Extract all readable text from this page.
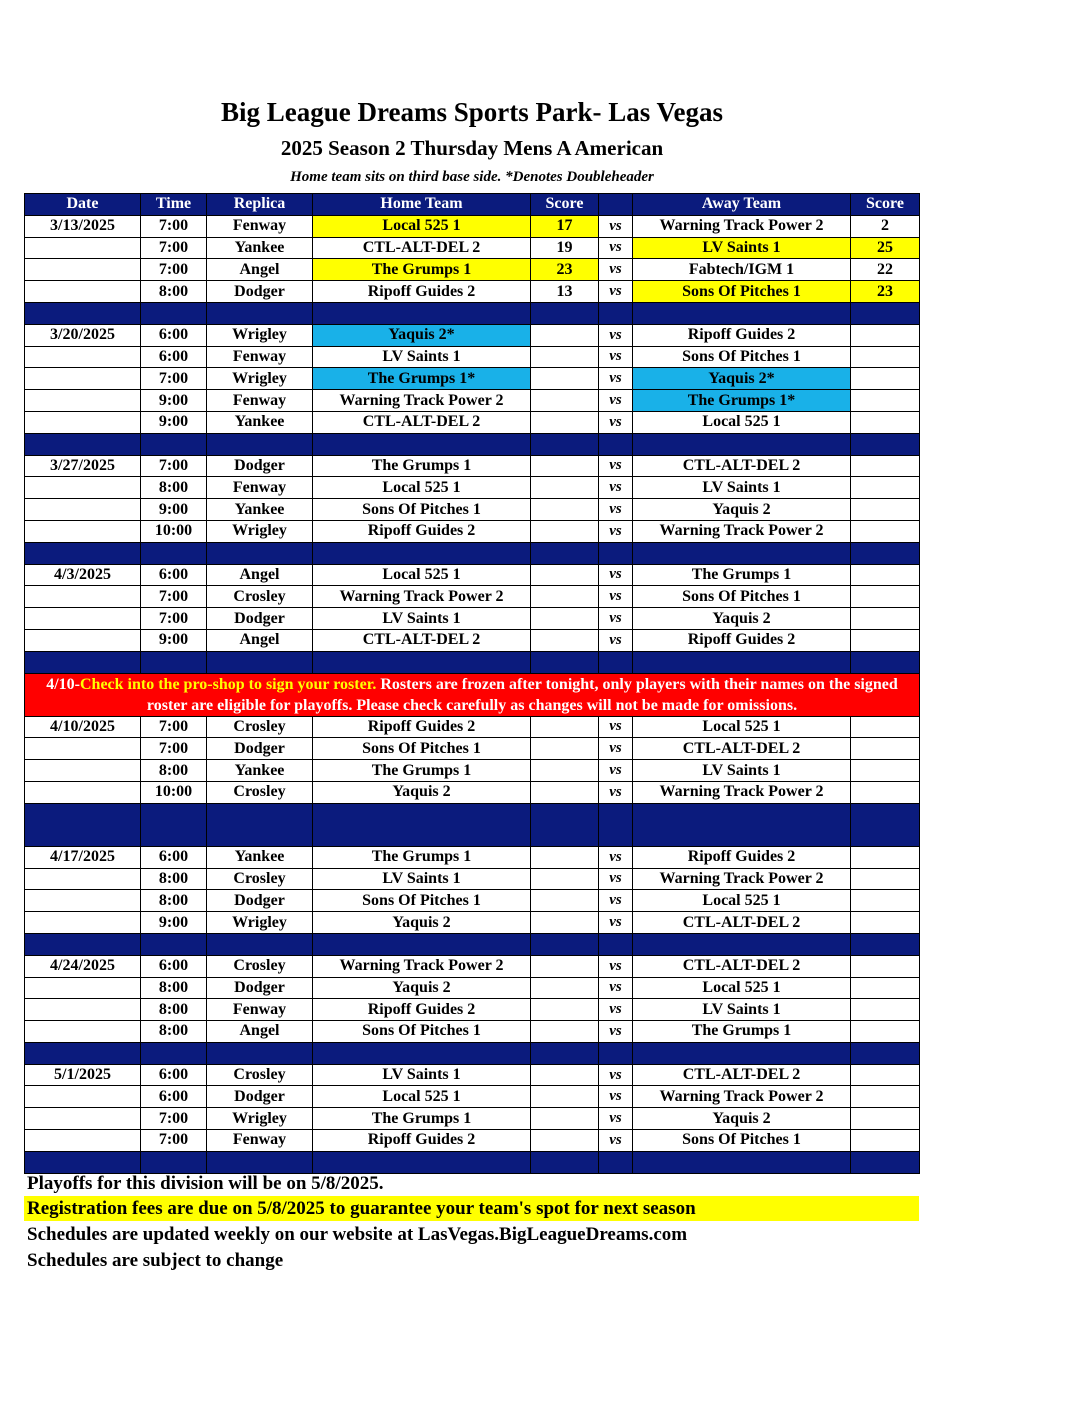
Big League Dreams Sports Park- Las Vegas
2025 Season 2 Thursday Mens A American
Home team sits on third base side. *Denotes Doubleheader
Date	Time	Replica	Home Team	Score		Away Team	Score
3/13/2025	7:00	Fenway	Local 525 1	17	vs	Warning Track Power 2	2
	7:00	Yankee	CTL-ALT-DEL 2	19	vs	LV Saints 1	25
	7:00	Angel	The Grumps 1	23	vs	Fabtech/IGM 1	22
	8:00	Dodger	Ripoff Guides 2	13	vs	Sons Of Pitches 1	23

3/20/2025	6:00	Wrigley	Yaquis 2*		vs	Ripoff Guides 2	
	6:00	Fenway	LV Saints 1		vs	Sons Of Pitches 1	
	7:00	Wrigley	The Grumps 1*		vs	Yaquis 2*	
	9:00	Fenway	Warning Track Power 2		vs	The Grumps 1*	
	9:00	Yankee	CTL-ALT-DEL 2		vs	Local 525 1	

3/27/2025	7:00	Dodger	The Grumps 1		vs	CTL-ALT-DEL 2	
	8:00	Fenway	Local 525 1		vs	LV Saints 1	
	9:00	Yankee	Sons Of Pitches 1		vs	Yaquis 2	
	10:00	Wrigley	Ripoff Guides 2		vs	Warning Track Power 2	

4/3/2025	6:00	Angel	Local 525 1		vs	The Grumps 1	
	7:00	Crosley	Warning Track Power 2		vs	Sons Of Pitches 1	
	7:00	Dodger	LV Saints 1		vs	Yaquis 2	
	9:00	Angel	CTL-ALT-DEL 2		vs	Ripoff Guides 2	

4/10-Check into the pro-shop to sign your roster. Rosters are frozen after tonight, only players with their names on the signed roster are eligible for playoffs. Please check carefully as changes will not be made for omissions.							
4/10/2025	7:00	Crosley	Ripoff Guides 2		vs	Local 525 1	
	7:00	Dodger	Sons Of Pitches 1		vs	CTL-ALT-DEL 2	
	8:00	Yankee	The Grumps 1		vs	LV Saints 1	
	10:00	Crosley	Yaquis 2		vs	Warning Track Power 2	

4/17/2025	6:00	Yankee	The Grumps 1		vs	Ripoff Guides 2	
	8:00	Crosley	LV Saints 1		vs	Warning Track Power 2	
	8:00	Dodger	Sons Of Pitches 1		vs	Local 525 1	
	9:00	Wrigley	Yaquis 2		vs	CTL-ALT-DEL 2	

4/24/2025	6:00	Crosley	Warning Track Power 2		vs	CTL-ALT-DEL 2	
	8:00	Dodger	Yaquis 2		vs	Local 525 1	
	8:00	Fenway	Ripoff Guides 2		vs	LV Saints 1	
	8:00	Angel	Sons Of Pitches 1		vs	The Grumps 1	

5/1/2025	6:00	Crosley	LV Saints 1		vs	CTL-ALT-DEL 2	
	6:00	Dodger	Local 525 1		vs	Warning Track Power 2	
	7:00	Wrigley	The Grumps 1		vs	Yaquis 2	
	7:00	Fenway	Ripoff Guides 2		vs	Sons Of Pitches 1	

Playoffs for this division will be on 5/8/2025.
Registration fees are due on 5/8/2025 to guarantee your team's spot for next season
Schedules are updated weekly on our website at LasVegas.BigLeagueDreams.com
Schedules are subject to change
